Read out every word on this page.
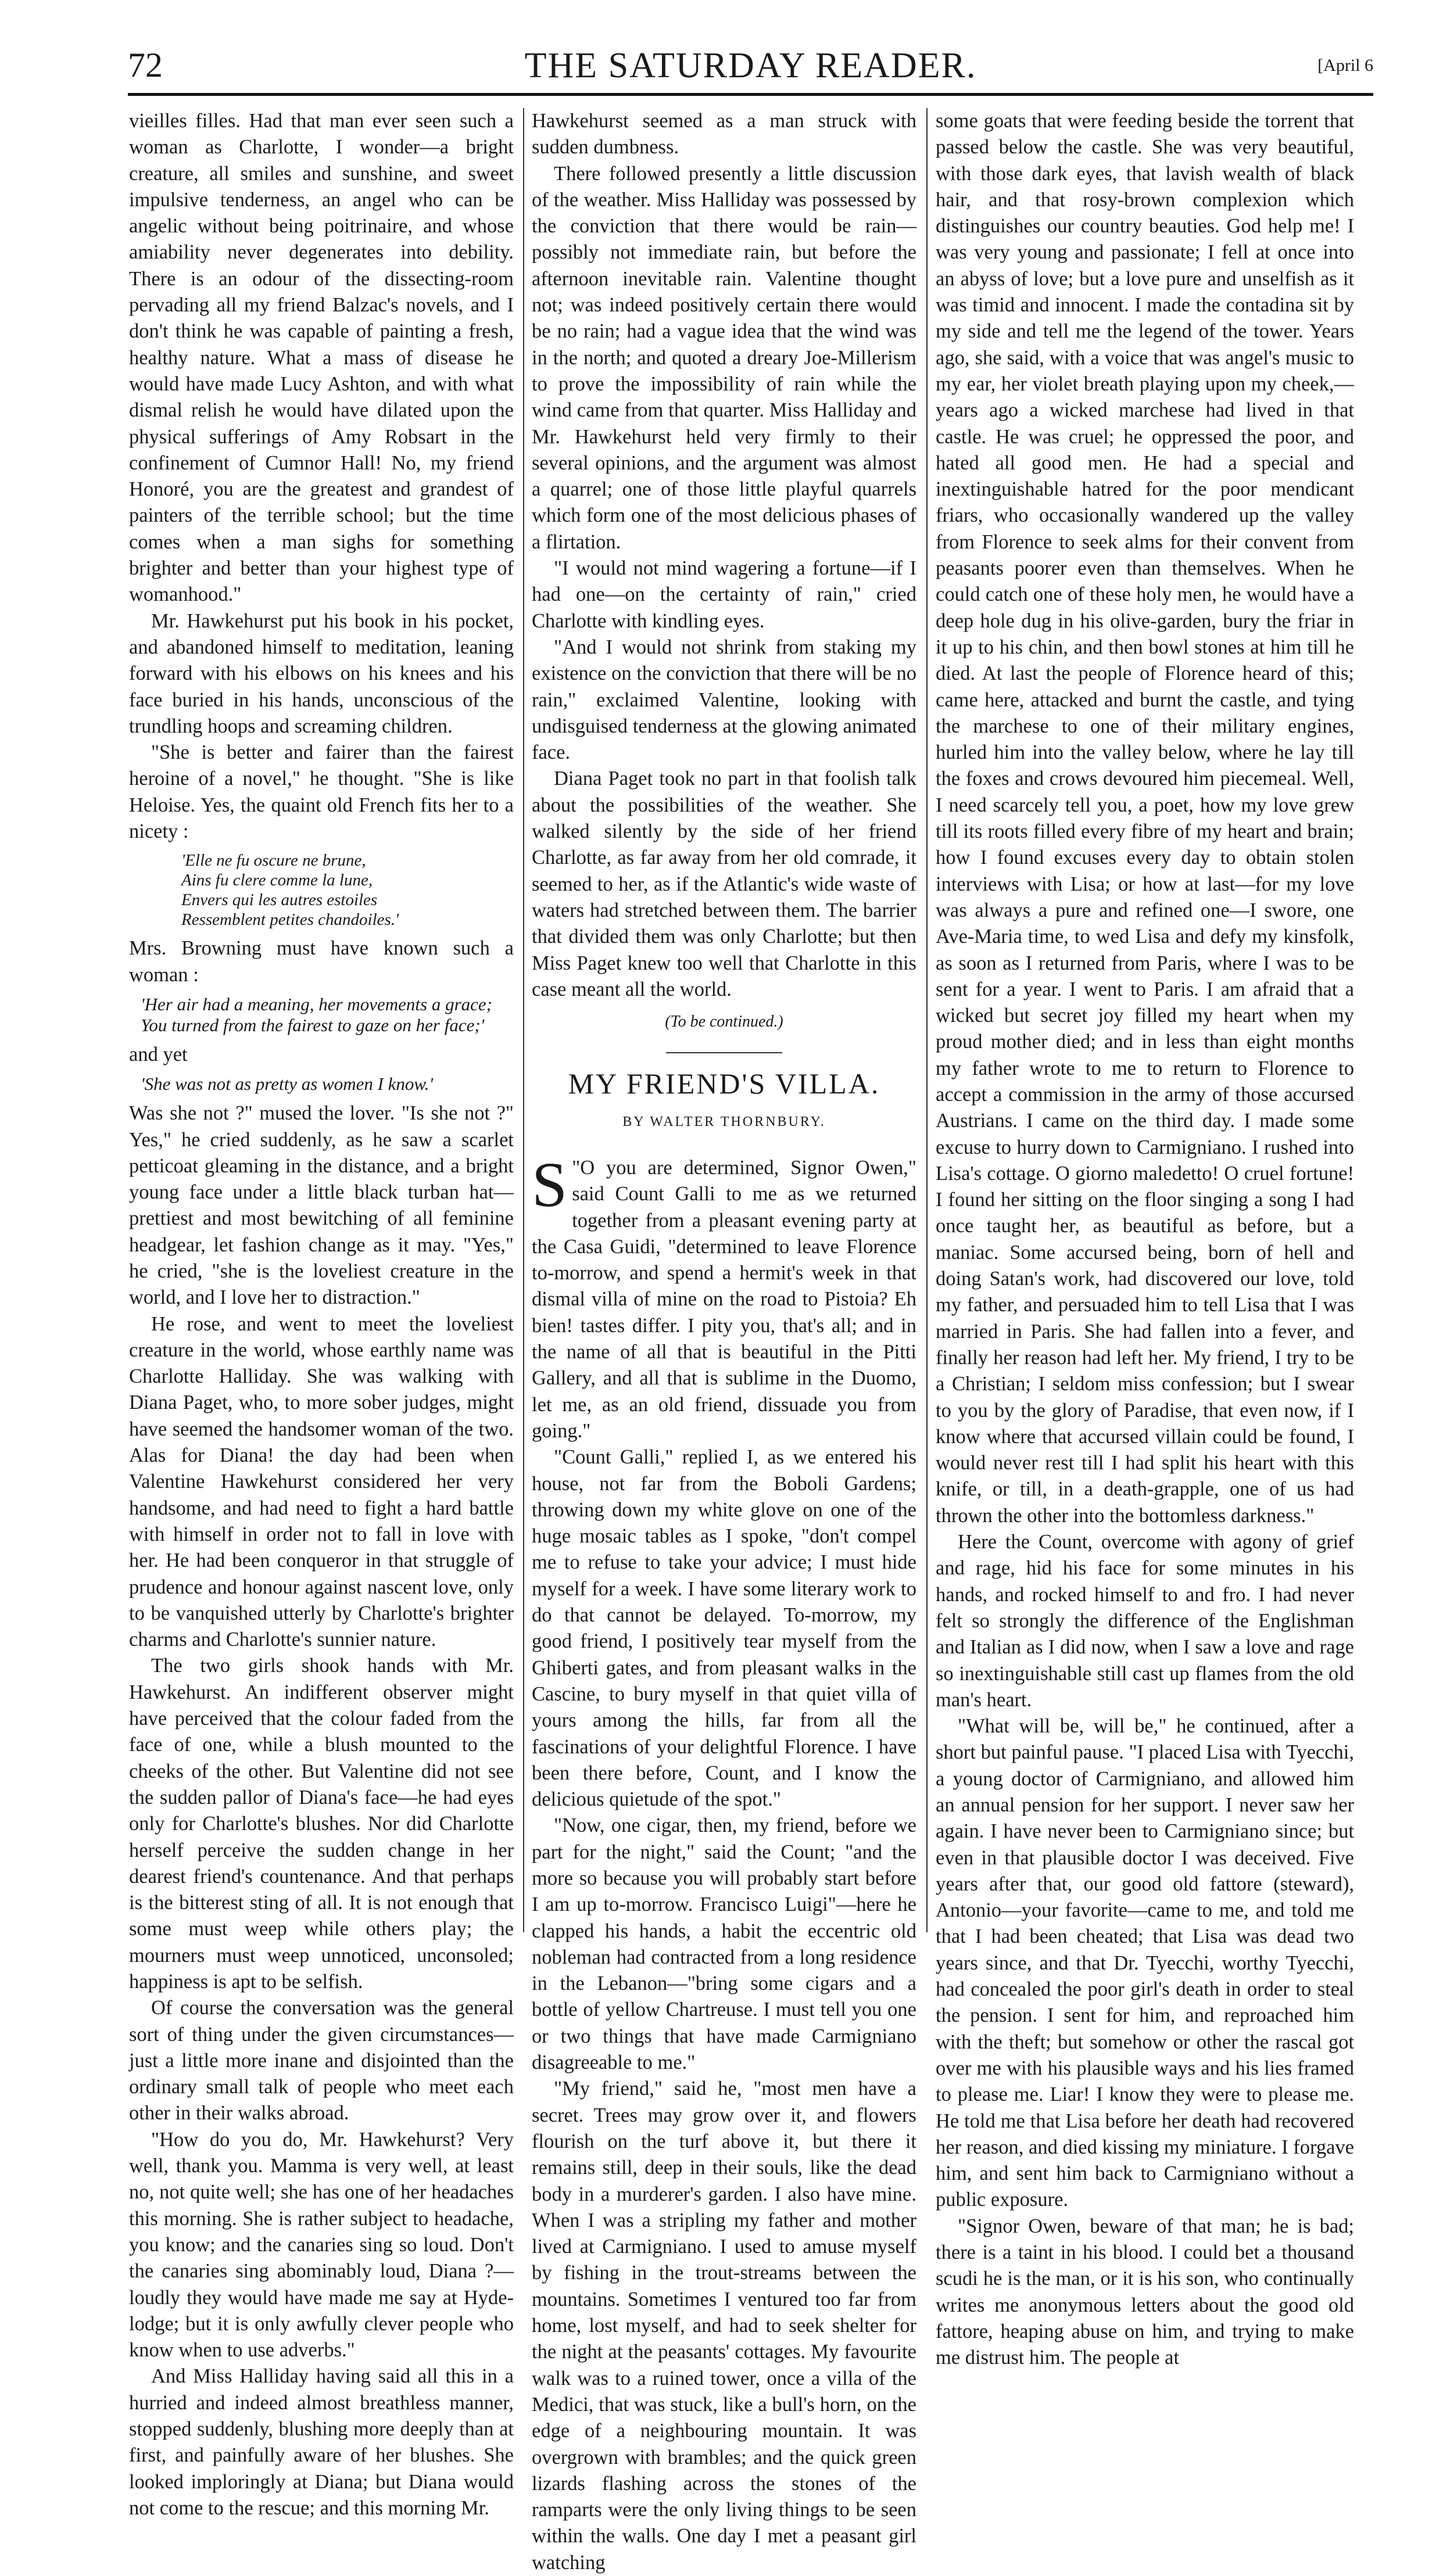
72	THE SATURDAY READER.	[April 6

vieilles filles. Had that man ever seen such a woman as Charlotte, I wonder—a bright creature, all smiles and sunshine, and sweet impulsive tenderness, an angel who can be angelic without being poitrinaire, and whose amiability never degenerates into debility. There is an odour of the dissecting-room pervading all my friend Balzac's novels, and I don't think he was capable of painting a fresh, healthy nature. What a mass of disease he would have made Lucy Ashton, and with what dismal relish he would have dilated upon the physical sufferings of Amy Robsart in the confinement of Cumnor Hall! No, my friend Honoré, you are the greatest and grandest of painters of the terrible school; but the time comes when a man sighs for something brighter and better than your highest type of womanhood."

Mr. Hawkehurst put his book in his pocket, and abandoned himself to meditation, leaning forward with his elbows on his knees and his face buried in his hands, unconscious of the trundling hoops and screaming children.

"She is better and fairer than the fairest heroine of a novel," he thought. "She is like Heloise. Yes, the quaint old French fits her to a nicety :

'Elle ne fu oscure ne brune,
Ains fu clere comme la lune,
Envers qui les autres estoiles
Ressemblent petites chandoiles.'

Mrs. Browning must have known such a woman :

'Her air had a meaning, her movements a grace;
You turned from the fairest to gaze on her face;'

and yet

'She was not as pretty as women I know.'

Was she not ?" mused the lover. "Is she not ?" Yes," he cried suddenly, as he saw a scarlet petticoat gleaming in the distance, and a bright young face under a little black turban hat—prettiest and most bewitching of all feminine headgear, let fashion change as it may. "Yes," he cried, "she is the loveliest creature in the world, and I love her to distraction."

He rose, and went to meet the loveliest creature in the world, whose earthly name was Charlotte Halliday. She was walking with Diana Paget, who, to more sober judges, might have seemed the handsomer woman of the two. Alas for Diana! the day had been when Valentine Hawkehurst considered her very handsome, and had need to fight a hard battle with himself in order not to fall in love with her. He had been conqueror in that struggle of prudence and honour against nascent love, only to be vanquished utterly by Charlotte's brighter charms and Charlotte's sunnier nature.

The two girls shook hands with Mr. Hawkehurst. An indifferent observer might have perceived that the colour faded from the face of one, while a blush mounted to the cheeks of the other. But Valentine did not see the sudden pallor of Diana's face—he had eyes only for Charlotte's blushes. Nor did Charlotte herself perceive the sudden change in her dearest friend's countenance. And that perhaps is the bitterest sting of all. It is not enough that some must weep while others play; the mourners must weep unnoticed, unconsoled; happiness is apt to be selfish.

Of course the conversation was the general sort of thing under the given circumstances—just a little more inane and disjointed than the ordinary small talk of people who meet each other in their walks abroad.

"How do you do, Mr. Hawkehurst? Very well, thank you. Mamma is very well, at least no, not quite well; she has one of her headaches this morning. She is rather subject to headache, you know; and the canaries sing so loud. Don't the canaries sing abominably loud, Diana ?—loudly they would have made me say at Hyde-lodge; but it is only awfully clever people who know when to use adverbs."

And Miss Halliday having said all this in a hurried and indeed almost breathless manner, stopped suddenly, blushing more deeply than at first, and painfully aware of her blushes. She looked imploringly at Diana; but Diana would not come to the rescue; and this morning Mr.

Hawkehurst seemed as a man struck with sudden dumbness.

There followed presently a little discussion of the weather. Miss Halliday was possessed by the conviction that there would be rain—possibly not immediate rain, but before the afternoon inevitable rain. Valentine thought not; was indeed positively certain there would be no rain; had a vague idea that the wind was in the north; and quoted a dreary Joe-Millerism to prove the impossibility of rain while the wind came from that quarter. Miss Halliday and Mr. Hawkehurst held very firmly to their several opinions, and the argument was almost a quarrel; one of those little playful quarrels which form one of the most delicious phases of a flirtation.

"I would not mind wagering a fortune—if I had one—on the certainty of rain," cried Charlotte with kindling eyes.

"And I would not shrink from staking my existence on the conviction that there will be no rain," exclaimed Valentine, looking with undisguised tenderness at the glowing animated face.

Diana Paget took no part in that foolish talk about the possibilities of the weather. She walked silently by the side of her friend Charlotte, as far away from her old comrade, it seemed to her, as if the Atlantic's wide waste of waters had stretched between them. The barrier that divided them was only Charlotte; but then Miss Paget knew too well that Charlotte in this case meant all the world.

(To be continued.)

MY FRIEND'S VILLA.

BY WALTER THORNBURY.

"
S O you are determined, Signor Owen," said Count Galli to me as we returned together from a pleasant evening party at the Casa Guidi, "determined to leave Florence to-morrow, and spend a hermit's week in that dismal villa of mine on the road to Pistoia? Eh bien! tastes differ. I pity you, that's all; and in the name of all that is beautiful in the Pitti Gallery, and all that is sublime in the Duomo, let me, as an old friend, dissuade you from going."

"Count Galli," replied I, as we entered his house, not far from the Boboli Gardens; throwing down my white glove on one of the huge mosaic tables as I spoke, "don't compel me to refuse to take your advice; I must hide myself for a week. I have some literary work to do that cannot be delayed. To-morrow, my good friend, I positively tear myself from the Ghiberti gates, and from pleasant walks in the Cascine, to bury myself in that quiet villa of yours among the hills, far from all the fascinations of your delightful Florence. I have been there before, Count, and I know the delicious quietude of the spot."

"Now, one cigar, then, my friend, before we part for the night," said the Count; "and the more so because you will probably start before I am up to-morrow. Francisco Luigi"—here he clapped his hands, a habit the eccentric old nobleman had contracted from a long residence in the Lebanon—"bring some cigars and a bottle of yellow Chartreuse. I must tell you one or two things that have made Carmigniano disagreeable to me."

"My friend," said he, "most men have a secret. Trees may grow over it, and flowers flourish on the turf above it, but there it remains still, deep in their souls, like the dead body in a murderer's garden. I also have mine. When I was a stripling my father and mother lived at Carmigniano. I used to amuse myself by fishing in the trout-streams between the mountains. Sometimes I ventured too far from home, lost myself, and had to seek shelter for the night at the peasants' cottages. My favourite walk was to a ruined tower, once a villa of the Medici, that was stuck, like a bull's horn, on the edge of a neighbouring mountain. It was overgrown with brambles; and the quick green lizards flashing across the stones of the ramparts were the only living things to be seen within the walls. One day I met a peasant girl watching

some goats that were feeding beside the torrent that passed below the castle. She was very beautiful, with those dark eyes, that lavish wealth of black hair, and that rosy-brown complexion which distinguishes our country beauties. God help me! I was very young and passionate; I fell at once into an abyss of love; but a love pure and unselfish as it was timid and innocent. I made the contadina sit by my side and tell me the legend of the tower. Years ago, she said, with a voice that was angel's music to my ear, her violet breath playing upon my cheek,—years ago a wicked marchese had lived in that castle. He was cruel; he oppressed the poor, and hated all good men. He had a special and inextinguishable hatred for the poor mendicant friars, who occasionally wandered up the valley from Florence to seek alms for their convent from peasants poorer even than themselves. When he could catch one of these holy men, he would have a deep hole dug in his olive-garden, bury the friar in it up to his chin, and then bowl stones at him till he died. At last the people of Florence heard of this; came here, attacked and burnt the castle, and tying the marchese to one of their military engines, hurled him into the valley below, where he lay till the foxes and crows devoured him piecemeal. Well, I need scarcely tell you, a poet, how my love grew till its roots filled every fibre of my heart and brain; how I found excuses every day to obtain stolen interviews with Lisa; or how at last—for my love was always a pure and refined one—I swore, one Ave-Maria time, to wed Lisa and defy my kinsfolk, as soon as I returned from Paris, where I was to be sent for a year. I went to Paris. I am afraid that a wicked but secret joy filled my heart when my proud mother died; and in less than eight months my father wrote to me to return to Florence to accept a commission in the army of those accursed Austrians. I came on the third day. I made some excuse to hurry down to Carmigniano. I rushed into Lisa's cottage. O giorno maledetto! O cruel fortune! I found her sitting on the floor singing a song I had once taught her, as beautiful as before, but a maniac. Some accursed being, born of hell and doing Satan's work, had discovered our love, told my father, and persuaded him to tell Lisa that I was married in Paris. She had fallen into a fever, and finally her reason had left her. My friend, I try to be a Christian; I seldom miss confession; but I swear to you by the glory of Paradise, that even now, if I know where that accursed villain could be found, I would never rest till I had split his heart with this knife, or till, in a death-grapple, one of us had thrown the other into the bottomless darkness."

Here the Count, overcome with agony of grief and rage, hid his face for some minutes in his hands, and rocked himself to and fro. I had never felt so strongly the difference of the Englishman and Italian as I did now, when I saw a love and rage so inextinguishable still cast up flames from the old man's heart.

"What will be, will be," he continued, after a short but painful pause. "I placed Lisa with Tyecchi, a young doctor of Carmigniano, and allowed him an annual pension for her support. I never saw her again. I have never been to Carmigniano since; but even in that plausible doctor I was deceived. Five years after that, our good old fattore (steward), Antonio—your favorite—came to me, and told me that I had been cheated; that Lisa was dead two years since, and that Dr. Tyecchi, worthy Tyecchi, had concealed the poor girl's death in order to steal the pension. I sent for him, and reproached him with the theft; but somehow or other the rascal got over me with his plausible ways and his lies framed to please me. Liar! I know they were to please me. He told me that Lisa before her death had recovered her reason, and died kissing my miniature. I forgave him, and sent him back to Carmigniano without a public exposure.

"Signor Owen, beware of that man; he is bad; there is a taint in his blood. I could bet a thousand scudi he is the man, or it is his son, who continually writes me anonymous letters about the good old fattore, heaping abuse on him, and trying to make me distrust him. The people at
